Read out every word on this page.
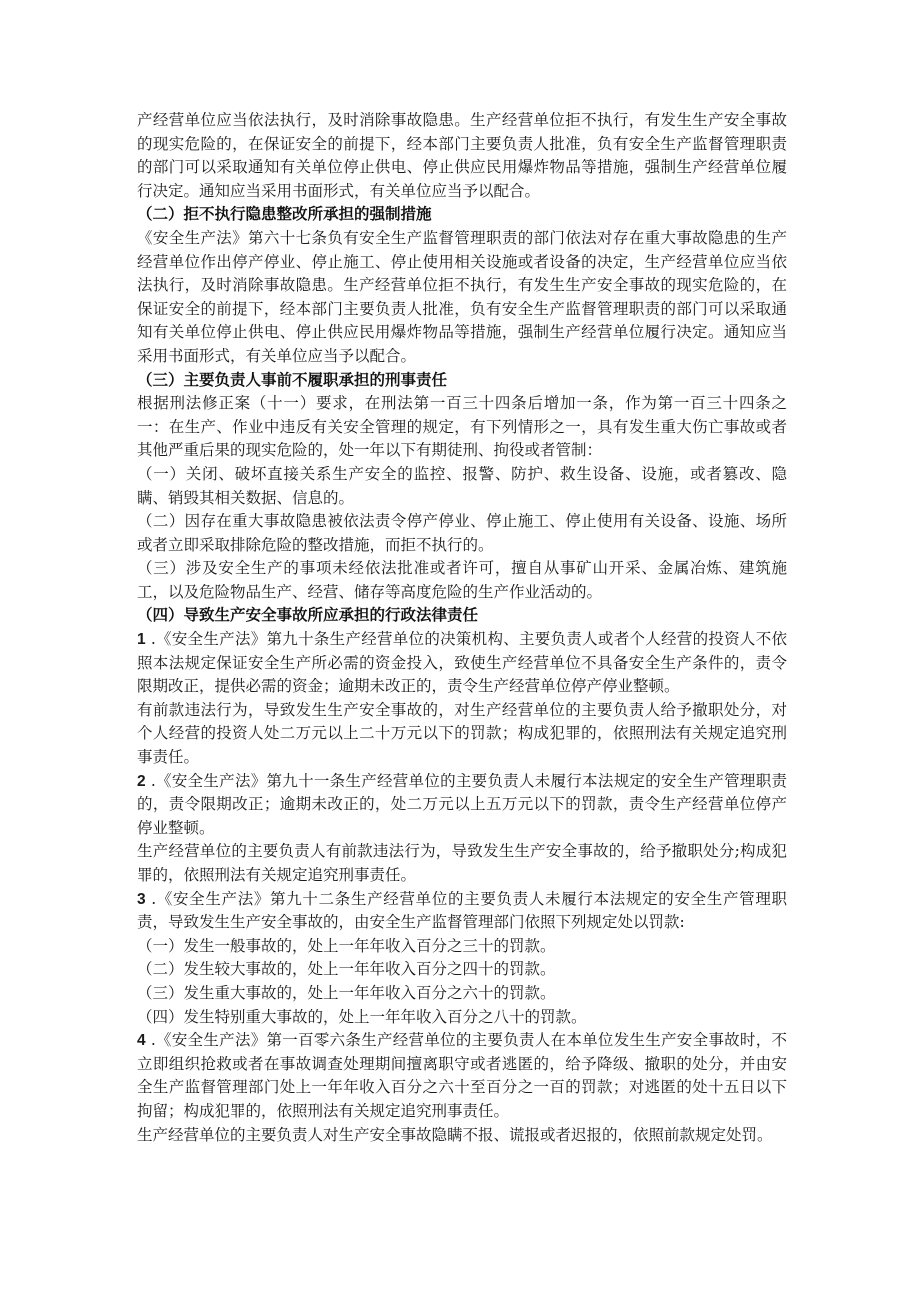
产经营单位应当依法执行，及时消除事故隐患。生产经营单位拒不执行，有发生生产安全事故的现实危险的，在保证安全的前提下，经本部门主要负责人批准，负有安全生产监督管理职责的部门可以采取通知有关单位停止供电、停止供应民用爆炸物品等措施，强制生产经营单位履行决定。通知应当采用书面形式，有关单位应当予以配合。

（二）拒不执行隐患整改所承担的强制措施

《安全生产法》第六十七条负有安全生产监督管理职责的部门依法对存在重大事故隐患的生产经营单位作出停产停业、停止施工、停止使用相关设施或者设备的决定，生产经营单位应当依法执行，及时消除事故隐患。生产经营单位拒不执行，有发生生产安全事故的现实危险的，在保证安全的前提下，经本部门主要负责人批准，负有安全生产监督管理职责的部门可以采取通知有关单位停止供电、停止供应民用爆炸物品等措施，强制生产经营单位履行决定。通知应当采用书面形式，有关单位应当予以配合。

（三）主要负责人事前不履职承担的刑事责任

根据刑法修正案（十一）要求，在刑法第一百三十四条后增加一条，作为第一百三十四条之一：在生产、作业中违反有关安全管理的规定，有下列情形之一，具有发生重大伤亡事故或者其他严重后果的现实危险的，处一年以下有期徒刑、拘役或者管制：

（一）关闭、破坏直接关系生产安全的监控、报警、防护、救生设备、设施，或者篡改、隐瞒、销毁其相关数据、信息的。

（二）因存在重大事故隐患被依法责令停产停业、停止施工、停止使用有关设备、设施、场所或者立即采取排除危险的整改措施，而拒不执行的。

（三）涉及安全生产的事项未经依法批准或者许可，擅自从事矿山开采、金属冶炼、建筑施工，以及危险物品生产、经营、储存等高度危险的生产作业活动的。

（四）导致生产安全事故所应承担的行政法律责任

1 .《安全生产法》第九十条生产经营单位的决策机构、主要负责人或者个人经营的投资人不依照本法规定保证安全生产所必需的资金投入，致使生产经营单位不具备安全生产条件的，责令限期改正，提供必需的资金；逾期未改正的，责令生产经营单位停产停业整顿。

有前款违法行为，导致发生生产安全事故的，对生产经营单位的主要负责人给予撤职处分，对个人经营的投资人处二万元以上二十万元以下的罚款；构成犯罪的，依照刑法有关规定追究刑事责任。

2 .《安全生产法》第九十一条生产经营单位的主要负责人未履行本法规定的安全生产管理职责的，责令限期改正；逾期未改正的，处二万元以上五万元以下的罚款，责令生产经营单位停产停业整顿。

生产经营单位的主要负责人有前款违法行为，导致发生生产安全事故的，给予撤职处分;构成犯罪的，依照刑法有关规定追究刑事责任。

3 .《安全生产法》第九十二条生产经营单位的主要负责人未履行本法规定的安全生产管理职责，导致发生生产安全事故的，由安全生产监督管理部门依照下列规定处以罚款:

（一）发生一般事故的，处上一年年收入百分之三十的罚款。

（二）发生较大事故的，处上一年年收入百分之四十的罚款。

（三）发生重大事故的，处上一年年收入百分之六十的罚款。

（四）发生特别重大事故的，处上一年年收入百分之八十的罚款。

4 .《安全生产法》第一百零六条生产经营单位的主要负责人在本单位发生生产安全事故时，不立即组织抢救或者在事故调查处理期间擅离职守或者逃匿的，给予降级、撤职的处分，并由安全生产监督管理部门处上一年年收入百分之六十至百分之一百的罚款；对逃匿的处十五日以下拘留；构成犯罪的，依照刑法有关规定追究刑事责任。

生产经营单位的主要负责人对生产安全事故隐瞒不报、谎报或者迟报的，依照前款规定处罚。
